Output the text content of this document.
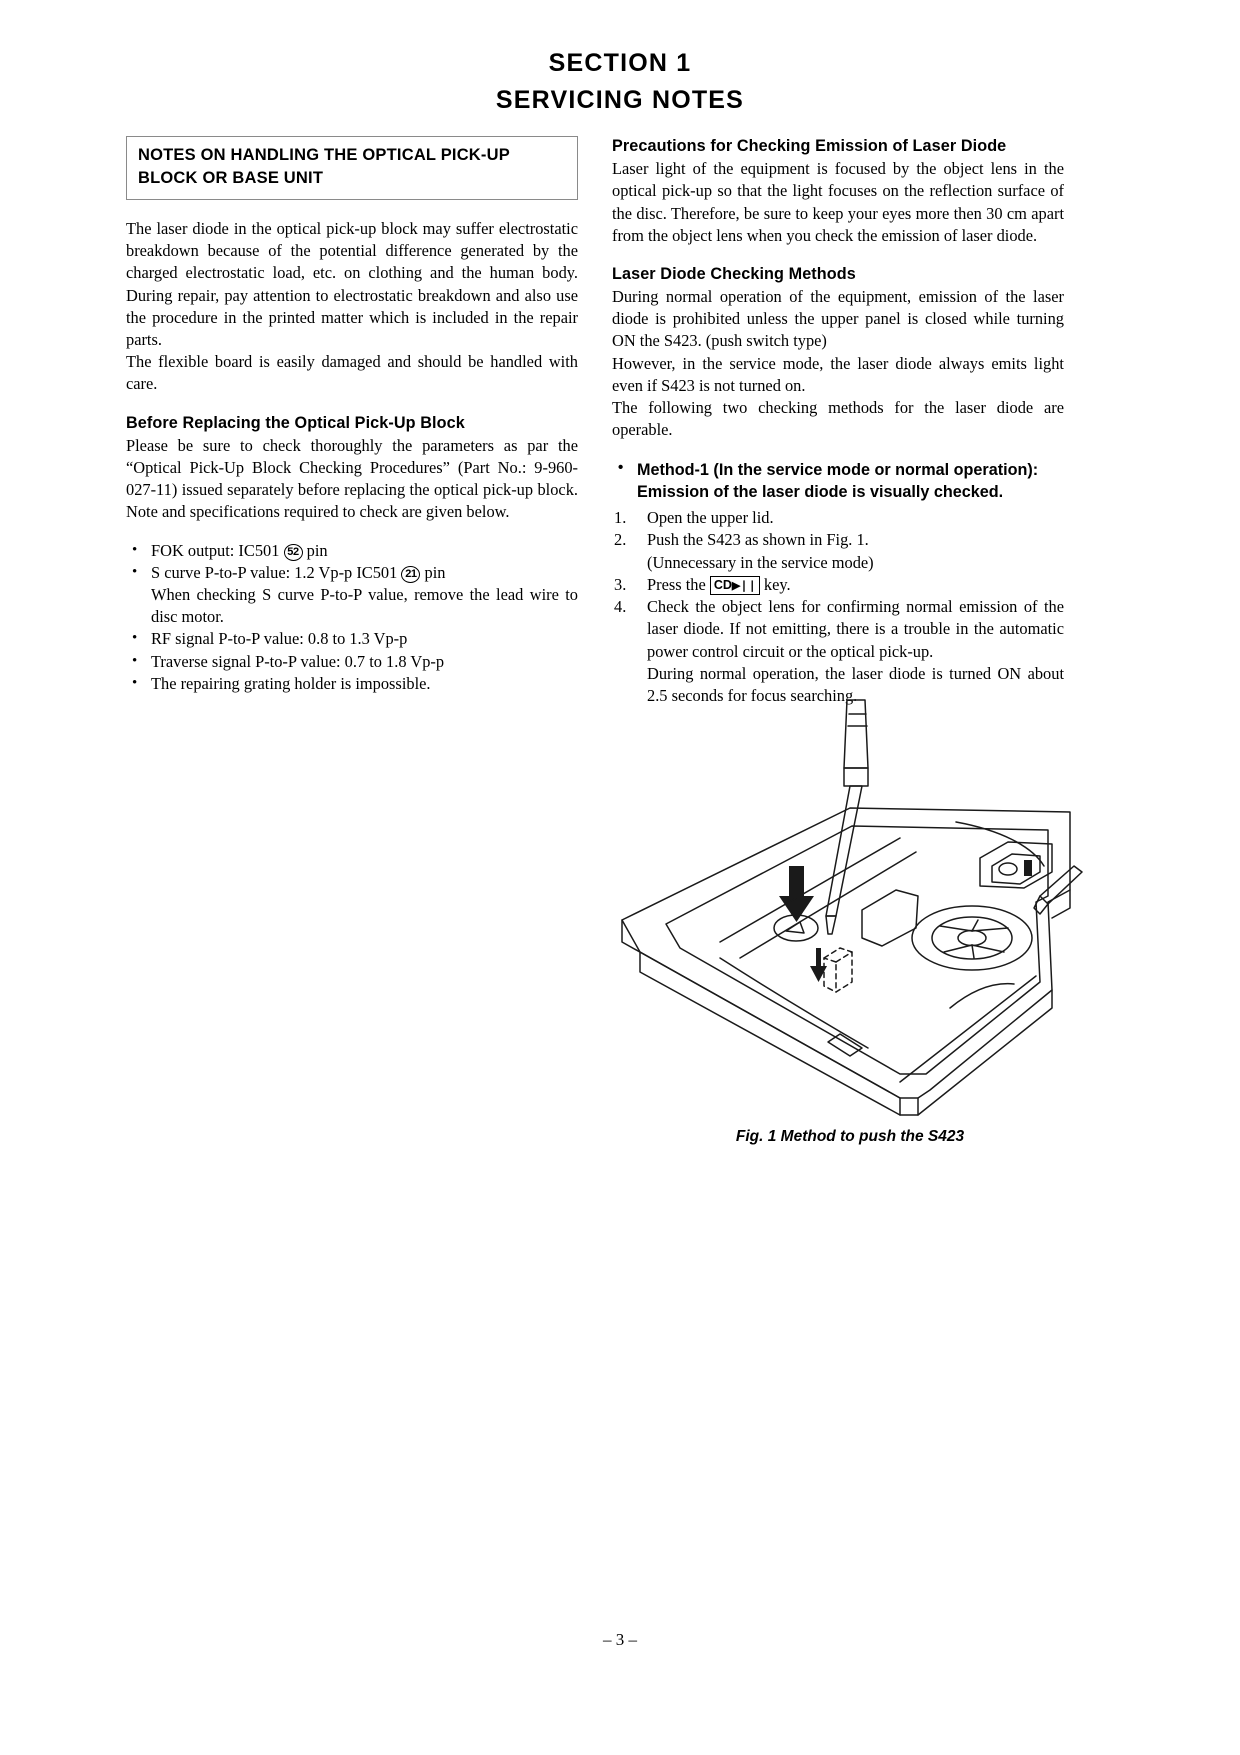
SECTION 1
SERVICING NOTES
NOTES ON HANDLING THE OPTICAL PICK-UP
BLOCK OR BASE UNIT

The laser diode in the optical pick-up block may suffer electrostatic breakdown because of the potential difference generated by the charged electrostatic load, etc. on clothing and the human body. During repair, pay attention to electrostatic breakdown and also use the procedure in the printed matter which is included in the repair parts.

The flexible board is easily damaged and should be handled with care.

Before Replacing the Optical Pick-Up Block

Please be sure to check thoroughly the parameters as par the “Optical Pick-Up Block Checking Procedures” (Part No.: 9-960-027-11) issued separately before replacing the optical pick-up block. Note and specifications required to check are given below.

• FOK output: IC501 52 pin
• S curve P-to-P value: 1.2 Vp-p IC501 21 pin
When checking S curve P-to-P value, remove the lead wire to disc motor.
• RF signal P-to-P value: 0.8 to 1.3 Vp-p
• Traverse signal P-to-P value: 0.7 to 1.8 Vp-p
• The repairing grating holder is impossible.
Precautions for Checking Emission of Laser Diode

Laser light of the equipment is focused by the object lens in the optical pick-up so that the light focuses on the reflection surface of the disc. Therefore, be sure to keep your eyes more then 30 cm apart from the object lens when you check the emission of laser diode.

Laser Diode Checking Methods

During normal operation of the equipment, emission of the laser diode is prohibited unless the upper panel is closed while turning ON the S423. (push switch type)

However, in the service mode, the laser diode always emits light even if S423 is not turned on.

The following two checking methods for the laser diode are operable.

• Method-1 (In the service mode or normal operation):
Emission of the laser diode is visually checked.
1.	Open the upper lid.
2.	Push the S423 as shown in Fig. 1.
(Unnecessary in the service mode)
3.	Press the CD▶❘❘ key.
4.	Check the object lens for confirming normal emission of the laser diode. If not emitting, there is a trouble in the automatic power control circuit or the optical pick-up.
During normal operation, the laser diode is turned ON about 2.5 seconds for focus searching.
Fig. 1 Method to push the S423
– 3 –
